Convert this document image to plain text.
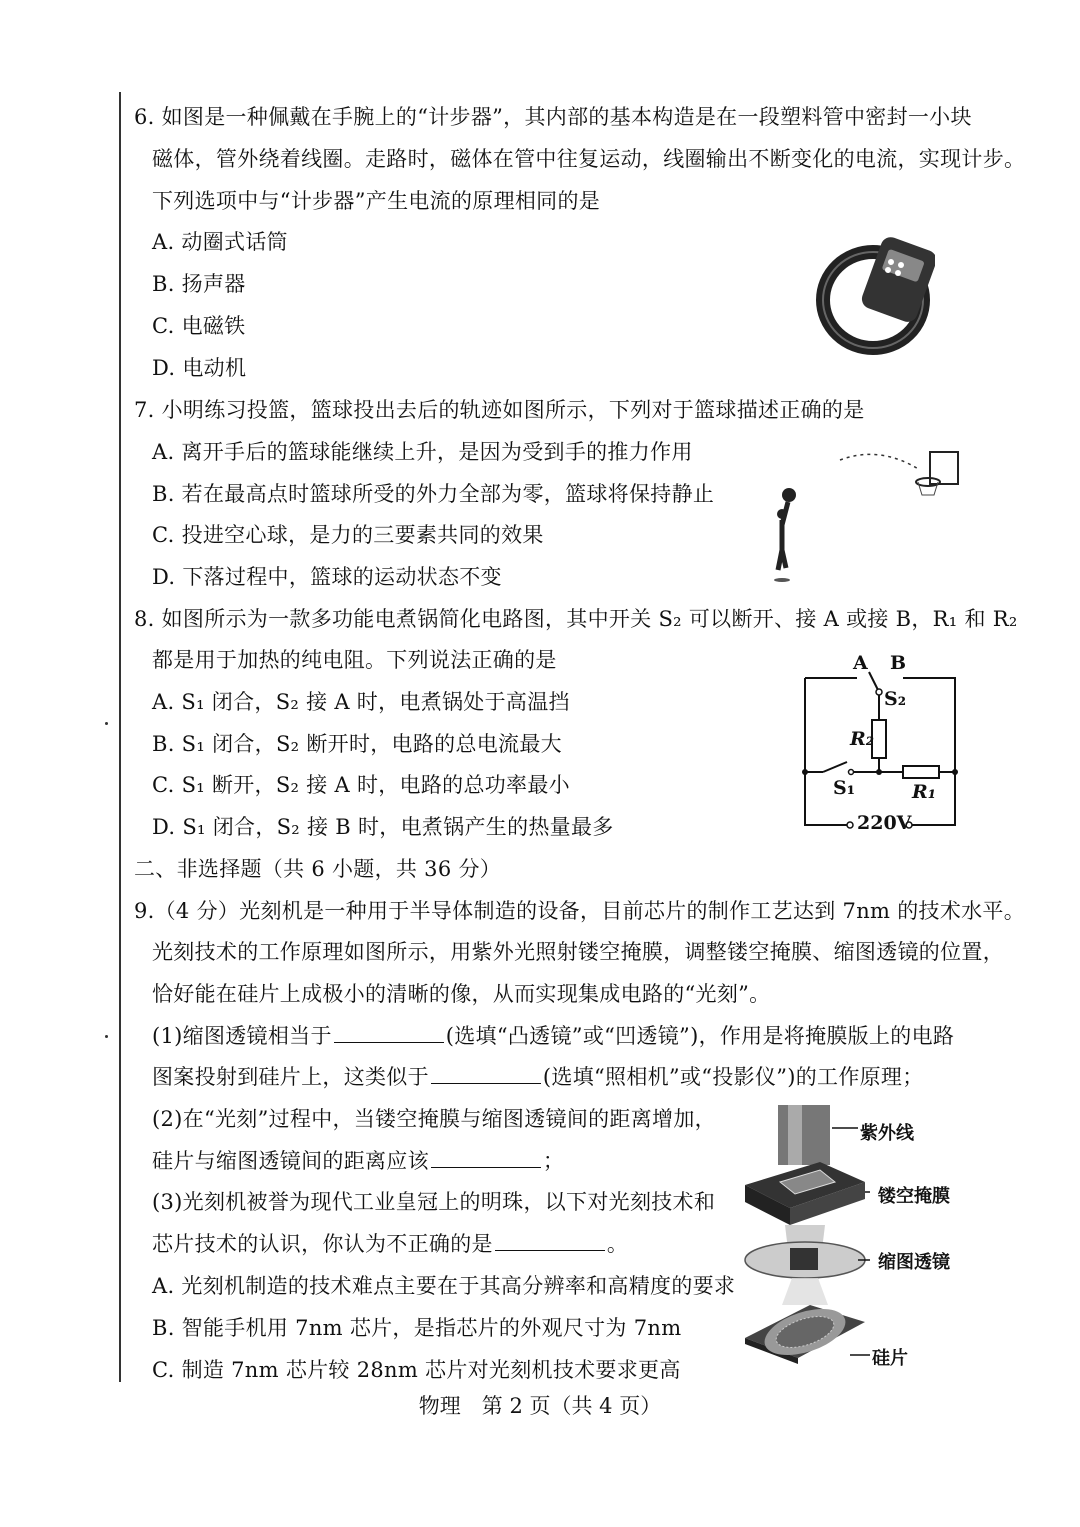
6. 如图是一种佩戴在手腕上的“计步器”，其内部的基本构造是在一段塑料管中密封一小块
磁体，管外绕着线圈。走路时，磁体在管中往复运动，线圈输出不断变化的电流，实现计步。
下列选项中与“计步器”产生电流的原理相同的是
A. 动圈式话筒
B. 扬声器
C. 电磁铁
D. 电动机
7. 小明练习投篮，篮球投出去后的轨迹如图所示，下列对于篮球描述正确的是
A. 离开手后的篮球能继续上升，是因为受到手的推力作用
B. 若在最高点时篮球所受的外力全部为零，篮球将保持静止
C. 投进空心球，是力的三要素共同的效果
D. 下落过程中，篮球的运动状态不变
8. 如图所示为一款多功能电煮锅简化电路图，其中开关 S₂ 可以断开、接 A 或接 B，R₁ 和 R₂
都是用于加热的纯电阻。下列说法正确的是
A. S₁ 闭合，S₂ 接 A 时，电煮锅处于高温挡
B. S₁ 闭合，S₂ 断开时，电路的总电流最大
C. S₁ 断开，S₂ 接 A 时，电路的总功率最小
D. S₁ 闭合，S₂ 接 B 时，电煮锅产生的热量最多
A B
S₂
R₂
S₁	R₁
220V
二、非选择题（共 6 小题，共 36 分）
9.（4 分）光刻机是一种用于半导体制造的设备，目前芯片的制作工艺达到 7nm 的技术水平。
光刻技术的工作原理如图所示，用紫外光照射镂空掩膜，调整镂空掩膜、缩图透镜的位置，
恰好能在硅片上成极小的清晰的像，从而实现集成电路的“光刻”。
(1)缩图透镜相当于	(选填“凸透镜”或“凹透镜”)，作用是将掩膜版上的电路
图案投射到硅片上，这类似于	(选填“照相机”或“投影仪”)的工作原理；
(2)在“光刻”过程中，当镂空掩膜与缩图透镜间的距离增加，
硅片与缩图透镜间的距离应该	；
(3)光刻机被誉为现代工业皇冠上的明珠，以下对光刻技术和
芯片技术的认识，你认为不正确的是	。
A. 光刻机制造的技术难点主要在于其高分辨率和高精度的要求
B. 智能手机用 7nm 芯片，是指芯片的外观尺寸为 7nm
C. 制造 7nm 芯片较 28nm 芯片对光刻机技术要求更高
紫外线
镂空掩膜
缩图透镜
硅片
物理　第 2 页（共 4 页）
